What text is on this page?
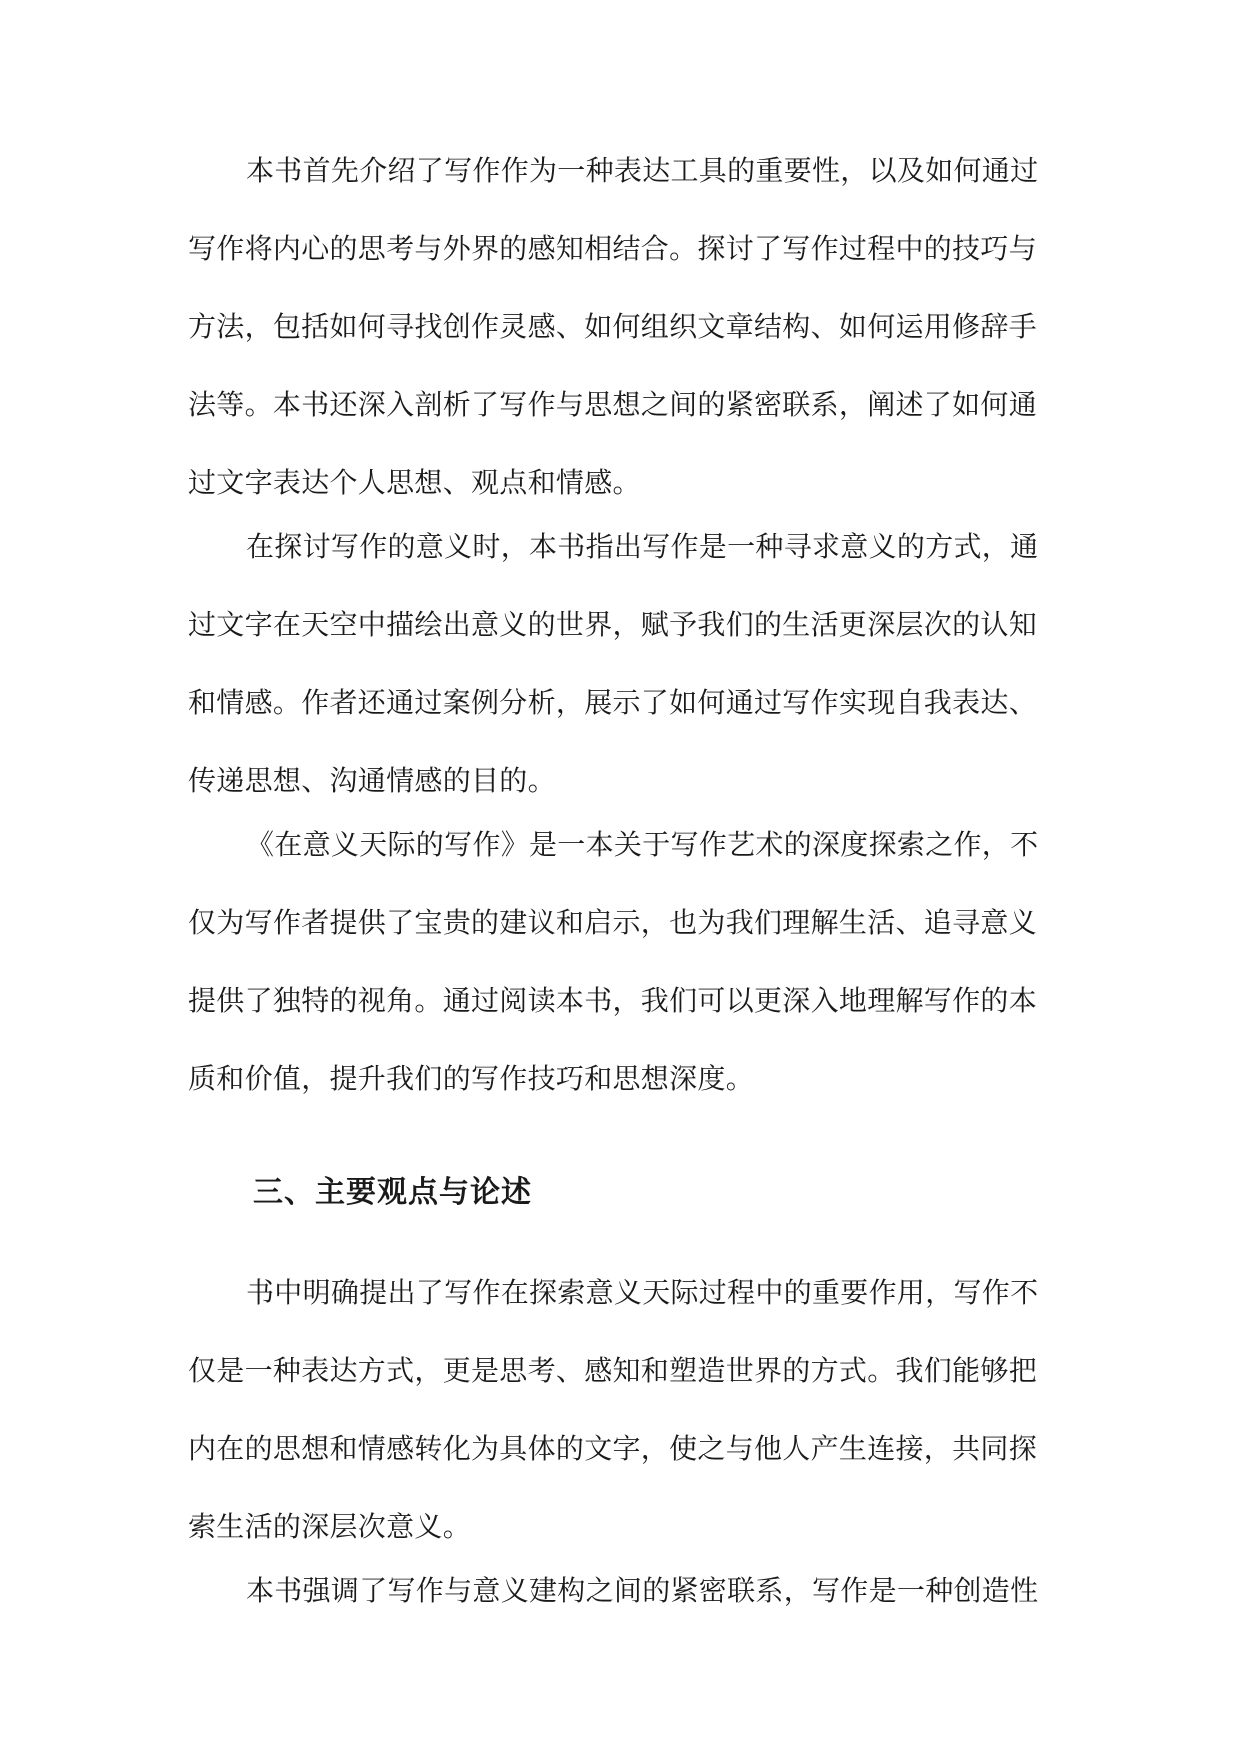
本书首先介绍了写作作为一种表达工具的重要性，以及如何通过
写作将内心的思考与外界的感知相结合。探讨了写作过程中的技巧与
方法，包括如何寻找创作灵感、如何组织文章结构、如何运用修辞手
法等。本书还深入剖析了写作与思想之间的紧密联系，阐述了如何通
过文字表达个人思想、观点和情感。
在探讨写作的意义时，本书指出写作是一种寻求意义的方式，通
过文字在天空中描绘出意义的世界，赋予我们的生活更深层次的认知
和情感。作者还通过案例分析，展示了如何通过写作实现自我表达、
传递思想、沟通情感的目的。
《在意义天际的写作》是一本关于写作艺术的深度探索之作，不
仅为写作者提供了宝贵的建议和启示，也为我们理解生活、追寻意义
提供了独特的视角。通过阅读本书，我们可以更深入地理解写作的本
质和价值，提升我们的写作技巧和思想深度。
三、主要观点与论述
书中明确提出了写作在探索意义天际过程中的重要作用，写作不
仅是一种表达方式，更是思考、感知和塑造世界的方式。我们能够把
内在的思想和情感转化为具体的文字，使之与他人产生连接，共同探
索生活的深层次意义。
本书强调了写作与意义建构之间的紧密联系，写作是一种创造性
